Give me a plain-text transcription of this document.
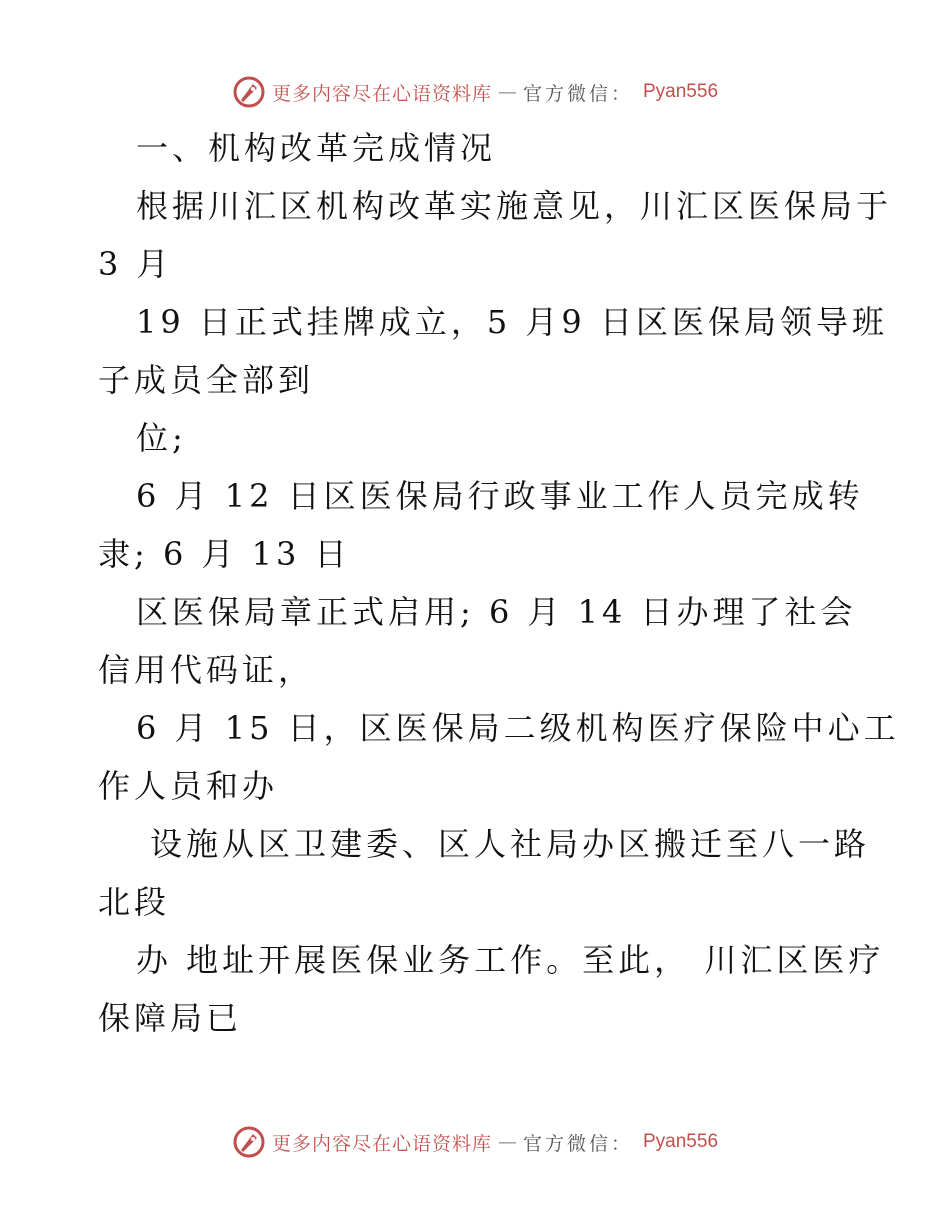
更多内容尽在心语资料库 — 官方微信： Pyan556
一、机构改革完成情况
根据川汇区机构改革实施意见，川汇区医保局于
3 月
19 日正式挂牌成立，5 月9 日区医保局领导班
子成员全部到
位;
6 月 12 日区医保局行政事业工作人员完成转
隶; 6 月 13 日
区医保局章正式启用; 6 月 14 日办理了社会
信用代码证，
6 月 15 日，区医保局二级机构医疗保险中心工
作人员和办
设施从区卫建委、区人社局办区搬迁至八一路
北段
办 地址开展医保业务工作。至此， 川汇区医疗
保障局已
更多内容尽在心语资料库 — 官方微信： Pyan556
